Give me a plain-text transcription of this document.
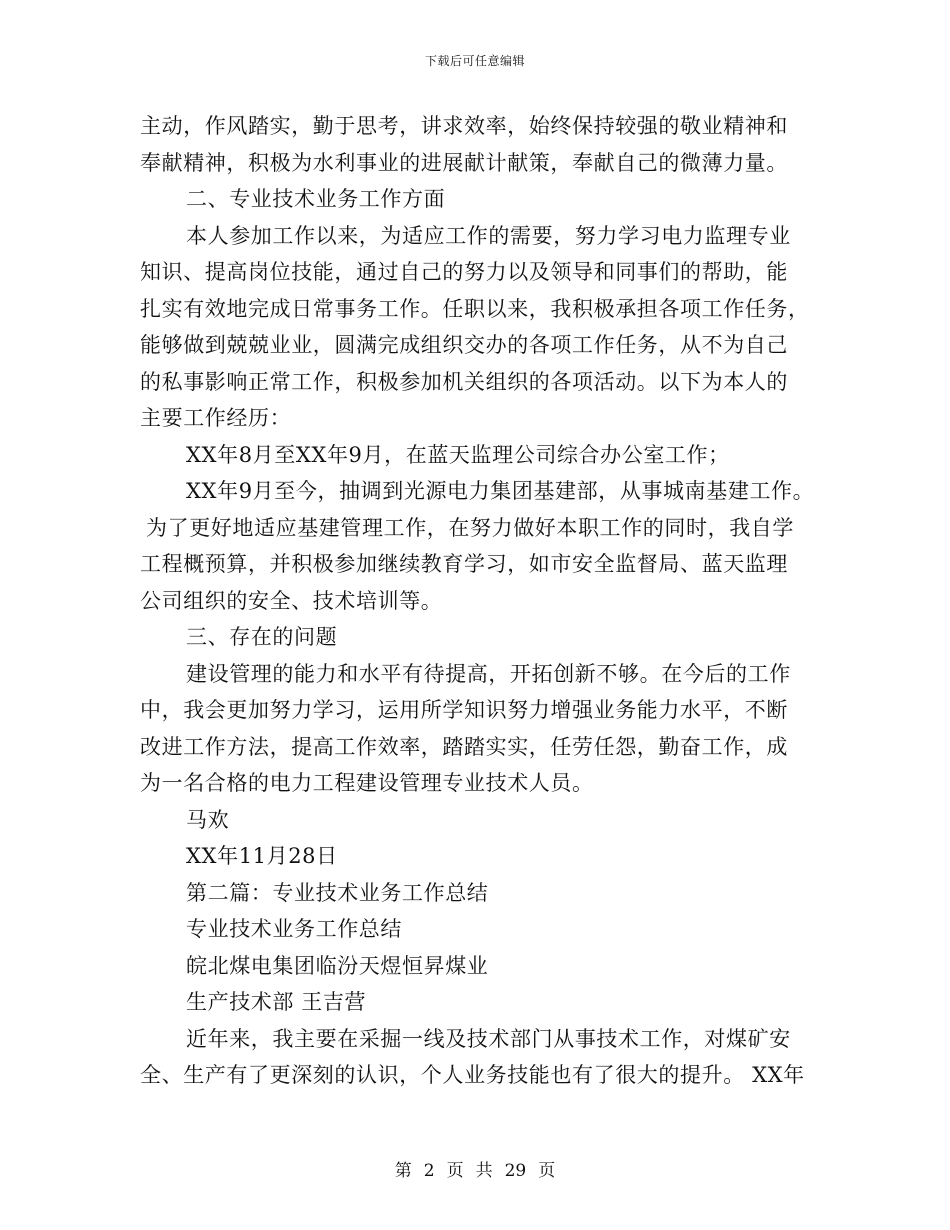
下载后可任意编辑
主动，作风踏实，勤于思考，讲求效率，始终保持较强的敬业精神和
奉献精神，积极为水利事业的进展献计献策，奉献自己的微薄力量。
二、专业技术业务工作方面
本人参加工作以来，为适应工作的需要，努力学习电力监理专业
知识、提高岗位技能，通过自己的努力以及领导和同事们的帮助，能
扎实有效地完成日常事务工作。任职以来，我积极承担各项工作任务，
能够做到兢兢业业，圆满完成组织交办的各项工作任务，从不为自己
的私事影响正常工作，积极参加机关组织的各项活动。以下为本人的
主要工作经历：
XX年8月至XX年9月，在蓝天监理公司综合办公室工作；
XX年9月至今，抽调到光源电力集团基建部，从事城南基建工作。
为了更好地适应基建管理工作，在努力做好本职工作的同时，我自学
工程概预算，并积极参加继续教育学习，如市安全监督局、蓝天监理
公司组织的安全、技术培训等。
三、存在的问题
建设管理的能力和水平有待提高，开拓创新不够。在今后的工作
中，我会更加努力学习，运用所学知识努力增强业务能力水平，不断
改进工作方法，提高工作效率，踏踏实实，任劳任怨，勤奋工作，成
为一名合格的电力工程建设管理专业技术人员。
马欢
XX年11月28日
第二篇：专业技术业务工作总结
专业技术业务工作总结
皖北煤电集团临汾天煜恒昇煤业
生产技术部 王吉营
近年来，我主要在采掘一线及技术部门从事技术工作，对煤矿安
全、生产有了更深刻的认识，个人业务技能也有了很大的提升。 XX年
第 2 页 共 29 页
